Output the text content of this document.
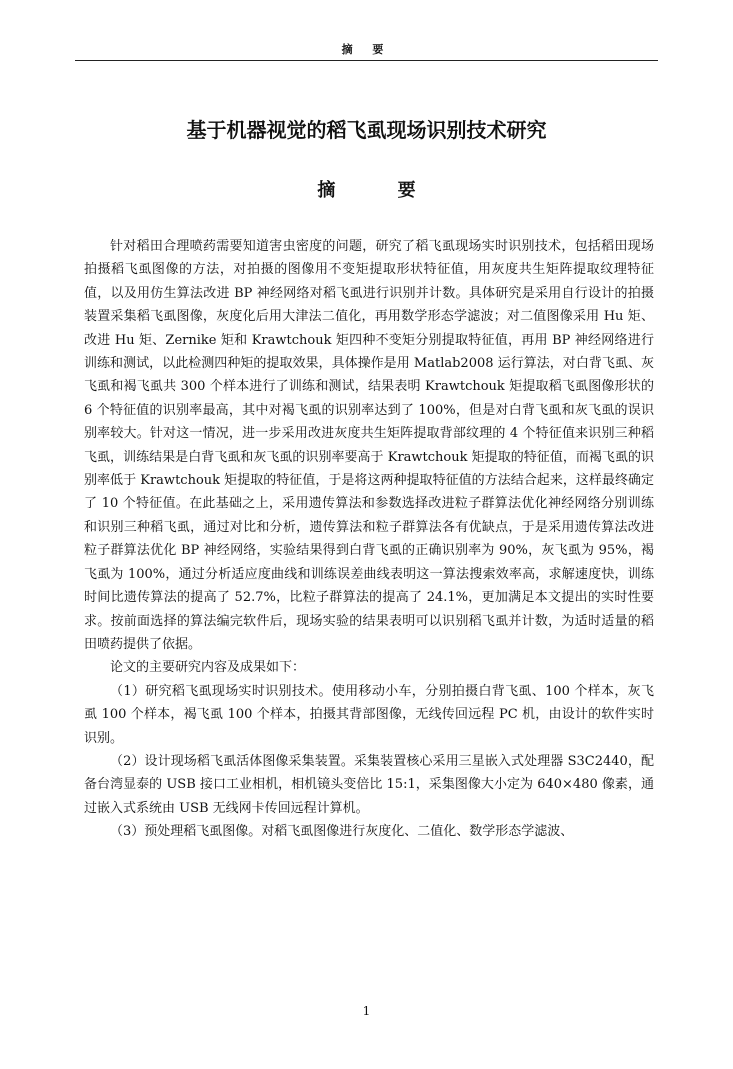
摘 要
基于机器视觉的稻飞虱现场识别技术研究
摘 要

针对稻田合理喷药需要知道害虫密度的问题，研究了稻飞虱现场实时识别技术，包括稻田现场拍摄稻飞虱图像的方法，对拍摄的图像用不变矩提取形状特征值，用灰度共生矩阵提取纹理特征值，以及用仿生算法改进 BP 神经网络对稻飞虱进行识别并计数。具体研究是采用自行设计的拍摄装置采集稻飞虱图像，灰度化后用大津法二值化，再用数学形态学滤波；对二值图像采用 Hu 矩、改进 Hu 矩、Zernike 矩和 Krawtchouk 矩四种不变矩分别提取特征值，再用 BP 神经网络进行训练和测试，以此检测四种矩的提取效果，具体操作是用 Matlab2008 运行算法，对白背飞虱、灰飞虱和褐飞虱共 300 个样本进行了训练和测试，结果表明 Krawtchouk 矩提取稻飞虱图像形状的 6 个特征值的识别率最高，其中对褐飞虱的识别率达到了 100%，但是对白背飞虱和灰飞虱的误识别率较大。针对这一情况，进一步采用改进灰度共生矩阵提取背部纹理的 4 个特征值来识别三种稻飞虱，训练结果是白背飞虱和灰飞虱的识别率要高于 Krawtchouk 矩提取的特征值，而褐飞虱的识别率低于 Krawtchouk 矩提取的特征值，于是将这两种提取特征值的方法结合起来，这样最终确定了 10 个特征值。在此基础之上，采用遗传算法和参数选择改进粒子群算法优化神经网络分别训练和识别三种稻飞虱，通过对比和分析，遗传算法和粒子群算法各有优缺点，于是采用遗传算法改进粒子群算法优化 BP 神经网络，实验结果得到白背飞虱的正确识别率为 90%，灰飞虱为 95%，褐飞虱为 100%，通过分析适应度曲线和训练误差曲线表明这一算法搜索效率高，求解速度快，训练时间比遗传算法的提高了 52.7%，比粒子群算法的提高了 24.1%，更加满足本文提出的实时性要求。按前面选择的算法编完软件后，现场实验的结果表明可以识别稻飞虱并计数，为适时适量的稻田喷药提供了依据。

论文的主要研究内容及成果如下：

（1）研究稻飞虱现场实时识别技术。使用移动小车，分别拍摄白背飞虱、100 个样本，灰飞虱 100 个样本，褐飞虱 100 个样本，拍摄其背部图像，无线传回远程 PC 机，由设计的软件实时识别。

（2）设计现场稻飞虱活体图像采集装置。采集装置核心采用三星嵌入式处理器 S3C2440，配备台湾显泰的 USB 接口工业相机，相机镜头变倍比 15:1，采集图像大小定为 640×480 像素，通过嵌入式系统由 USB 无线网卡传回远程计算机。

（3）预处理稻飞虱图像。对稻飞虱图像进行灰度化、二值化、数学形态学滤波、

1
